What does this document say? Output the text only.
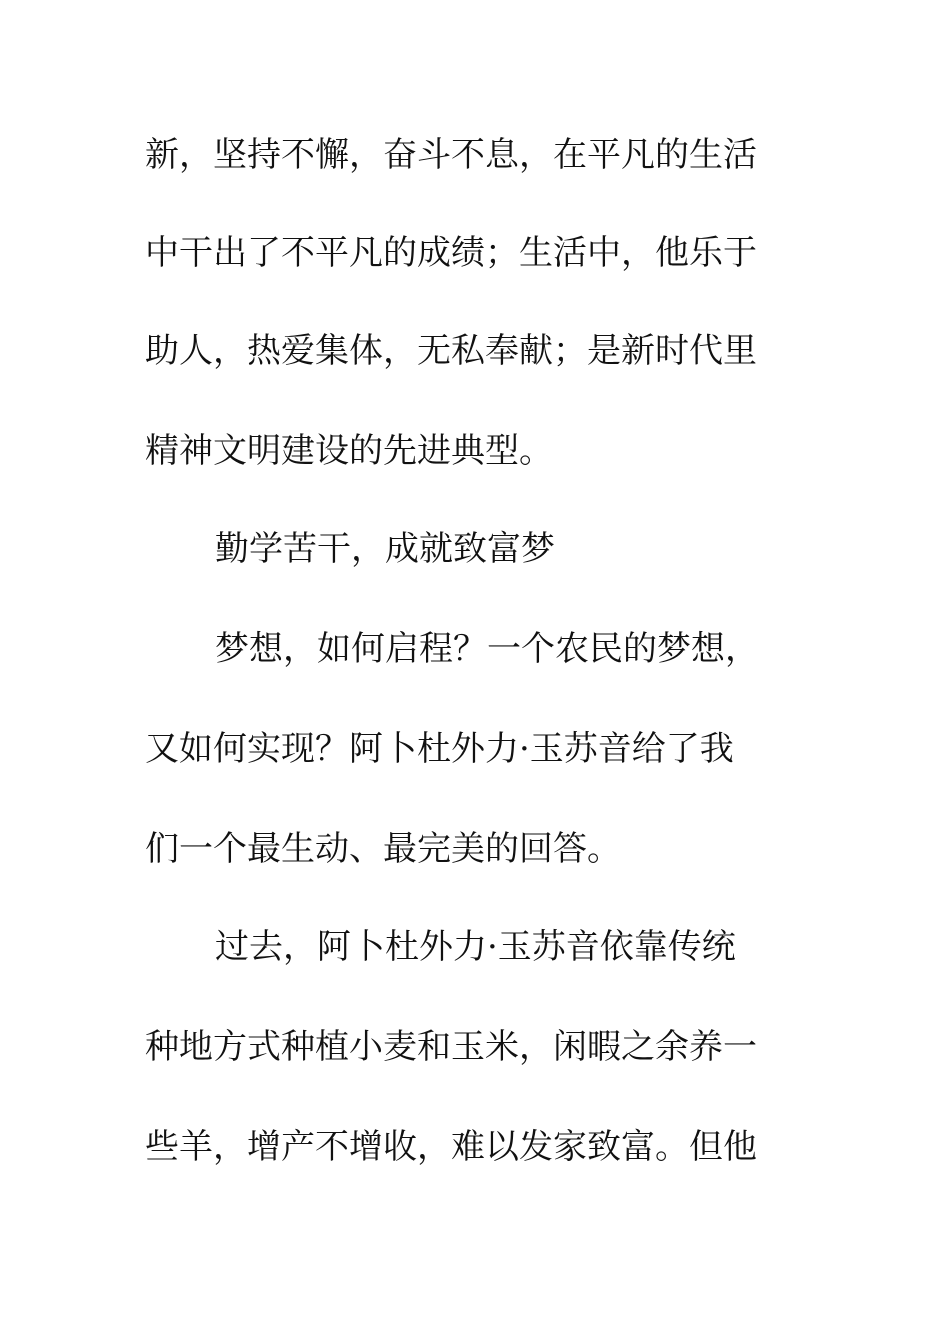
新，坚持不懈，奋斗不息，在平凡的生活
中干出了不平凡的成绩；生活中，他乐于
助人，热爱集体，无私奉献；是新时代里
精神文明建设的先进典型。
勤学苦干，成就致富梦
梦想，如何启程？一个农民的梦想，
又如何实现？阿卜杜外力·玉苏音给了我
们一个最生动、最完美的回答。
过去，阿卜杜外力·玉苏音依靠传统
种地方式种植小麦和玉米，闲暇之余养一
些羊，增产不增收，难以发家致富。但他
